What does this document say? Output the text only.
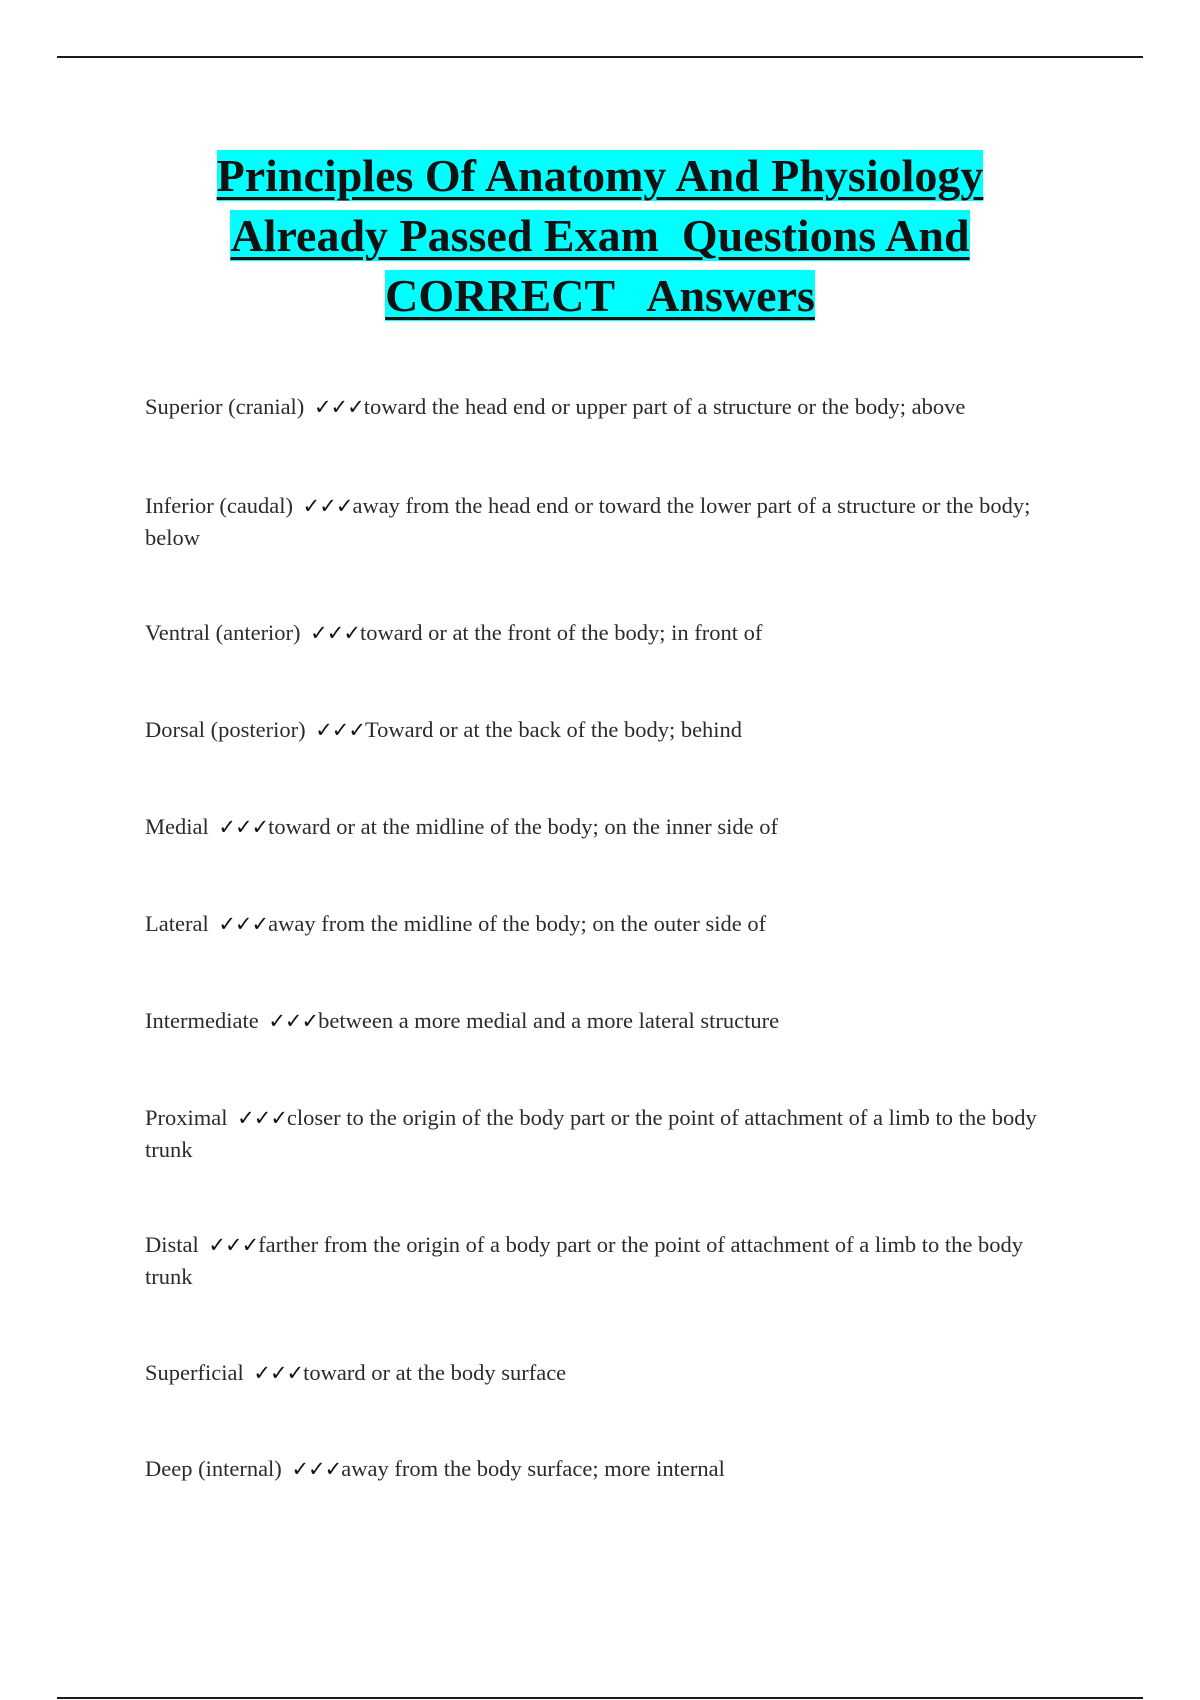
Principles Of Anatomy And Physiology
Already Passed Exam  Questions And
CORRECT   Answers
Superior (cranial) ✓✓✓toward the head end or upper part of a structure or the body; above
Inferior (caudal) ✓✓✓away from the head end or toward the lower part of a structure or the body; below
Ventral (anterior) ✓✓✓toward or at the front of the body; in front of
Dorsal (posterior) ✓✓✓Toward or at the back of the body; behind
Medial ✓✓✓toward or at the midline of the body; on the inner side of
Lateral ✓✓✓away from the midline of the body; on the outer side of
Intermediate ✓✓✓between a more medial and a more lateral structure
Proximal ✓✓✓closer to the origin of the body part or the point of attachment of a limb to the body trunk
Distal ✓✓✓farther from the origin of a body part or the point of attachment of a limb to the body trunk
Superficial ✓✓✓toward or at the body surface
Deep (internal) ✓✓✓away from the body surface; more internal
